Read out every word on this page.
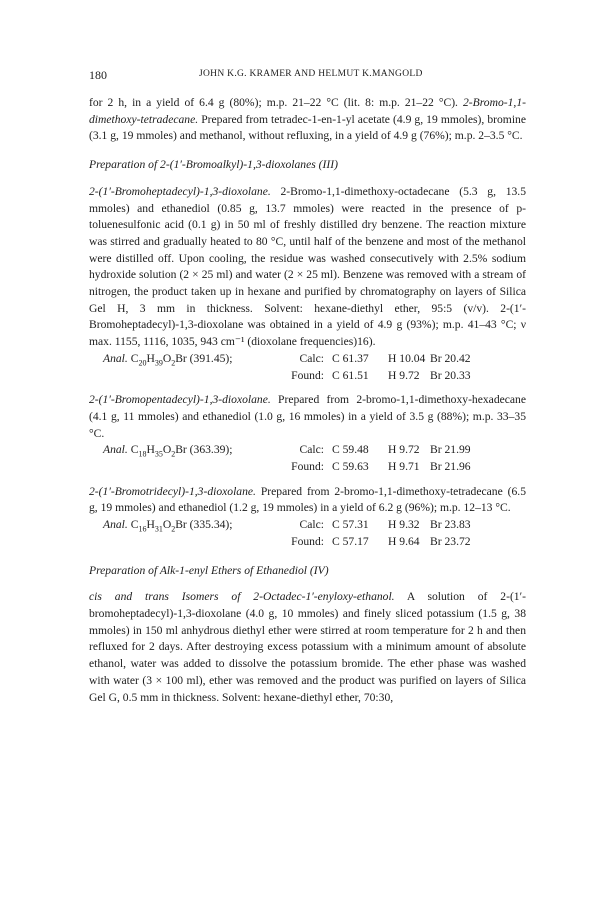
180	JOHN K.G. KRAMER AND HELMUT K.MANGOLD

for 2 h, in a yield of 6.4 g (80%); m.p. 21–22 °C (lit. 8: m.p. 21–22 °C). 2-Bromo-1,1-dimethoxy-tetradecane. Prepared from tetradec-1-en-1-yl acetate (4.9 g, 19 mmoles), bromine (3.1 g, 19 mmoles) and methanol, without refluxing, in a yield of 4.9 g (76%); m.p. 2–3.5 °C.

Preparation of 2-(1′-Bromoalkyl)-1,3-dioxolanes (III)

2-(1′-Bromoheptadecyl)-1,3-dioxolane. 2-Bromo-1,1-dimethoxy-octadecane (5.3 g, 13.5 mmoles) and ethanediol (0.85 g, 13.7 mmoles) were reacted in the presence of p-toluenesulfonic acid (0.1 g) in 50 ml of freshly distilled dry benzene. The reaction mixture was stirred and gradually heated to 80 °C, until half of the benzene and most of the methanol were distilled off. Upon cooling, the residue was washed consecutively with 2.5% sodium hydroxide solution (2 × 25 ml) and water (2 × 25 ml). Benzene was removed with a stream of nitrogen, the product taken up in hexane and purified by chromatography on layers of Silica Gel H, 3 mm in thickness. Solvent: hexane-diethyl ether, 95:5 (v/v). 2-(1′-Bromoheptadecyl)-1,3-dioxolane was obtained in a yield of 4.9 g (93%); m.p. 41–43 °C; ν max. 1155, 1116, 1035, 943 cm⁻¹ (dioxolane frequencies)16).

Anal. $C_{20}H_{39}O_2Br$ (391.45);	Calc: C 61.37	H 10.04 Br 20.42
Found: C 61.51	H 9.72 Br 20.33

2-(1′-Bromopentadecyl)-1,3-dioxolane. Prepared from 2-bromo-1,1-dimethoxy-hexadecane (4.1 g, 11 mmoles) and ethanediol (1.0 g, 16 mmoles) in a yield of 3.5 g (88%); m.p. 33–35 °C.

Anal. $C_{18}H_{35}O_2Br$ (363.39);	Calc: C 59.48	H 9.72 Br 21.99
Found: C 59.63	H 9.71 Br 21.96

2-(1′-Bromotridecyl)-1,3-dioxolane. Prepared from 2-bromo-1,1-dimethoxy-tetradecane (6.5 g, 19 mmoles) and ethanediol (1.2 g, 19 mmoles) in a yield of 6.2 g (96%); m.p. 12–13 °C.

Anal. $C_{16}H_{31}O_2Br$ (335.34);	Calc: C 57.31	H 9.32 Br 23.83
Found: C 57.17	H 9.64 Br 23.72

Preparation of Alk-1-enyl Ethers of Ethanediol (IV)

cis and trans Isomers of 2-Octadec-1′-enyloxy-ethanol. A solution of 2-(1′-bromoheptadecyl)-1,3-dioxolane (4.0 g, 10 mmoles) and finely sliced potassium (1.5 g, 38 mmoles) in 150 ml anhydrous diethyl ether were stirred at room temperature for 2 h and then refluxed for 2 days. After destroying excess potassium with a minimum amount of absolute ethanol, water was added to dissolve the potassium bromide. The ether phase was washed with water (3 × 100 ml), ether was removed and the product was purified on layers of Silica Gel G, 0.5 mm in thickness. Solvent: hexane-diethyl ether, 70:30,
